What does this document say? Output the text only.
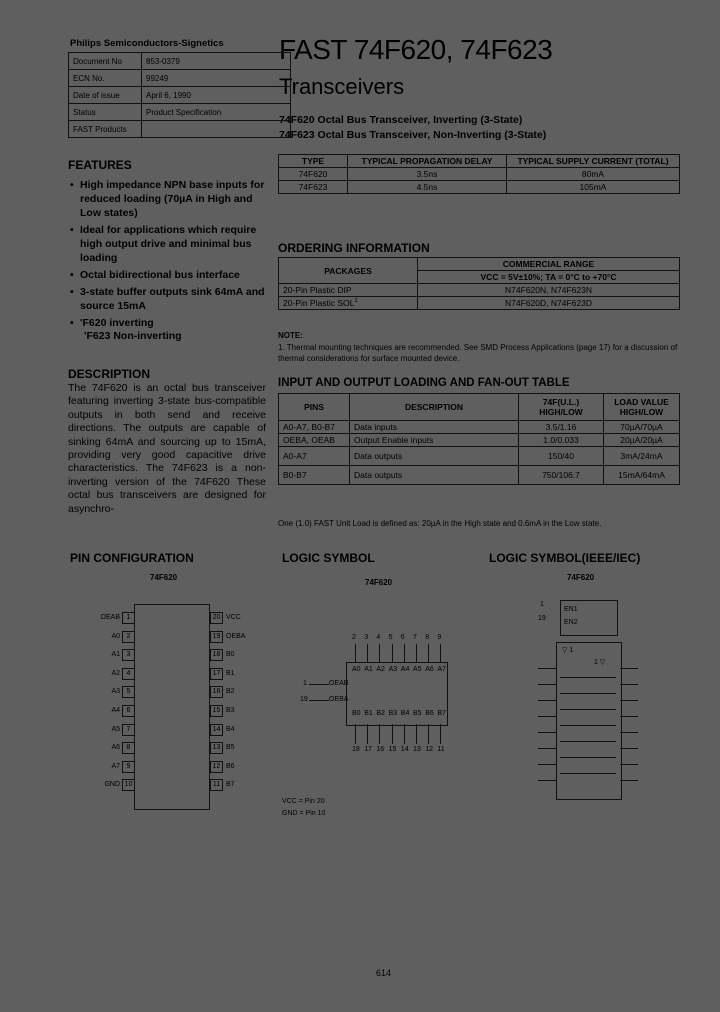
Philips Semiconductors-Signetics FAST 74F620, 74F623
Transceivers
74F620 Octal Bus Transceiver, Inverting (3-State)
74F623 Octal Bus Transceiver, Non-Inverting (3-State)
Document No	853-0379
ECN No.	99249
Date of issue	April 6, 1990
Status	Product Specification
FAST Products	
FEATURES
• High impedance NPN base inputs for reduced loading (70µA in High and Low states)
• Ideal for applications which require high output drive and minimal bus loading
• Octal bidirectional bus interface
• 3-state buffer outputs sink 64mA and source 15mA
• 'F620 inverting
'F623 Non-inverting
DESCRIPTION
The 74F620 is an octal bus transceiver featuring inverting 3-state bus-compatible outputs in both send and receive directions. The outputs are capable of sinking 64mA and sourcing up to 15mA, providing very good capacitive drive characteristics. The 74F623 is a non-inverting version of the 74F620 These octal bus transceivers are designed for asynchro-
TYPE	TYPICAL PROPAGATION DELAY	TYPICAL SUPPLY CURRENT (TOTAL)
74F620	3.5ns	80mA
74F623	4.5ns	105mA
ORDERING INFORMATION
PACKAGES	COMMERCIAL RANGE
	VCC = 5V±10%; TA = 0°C to +70°C
20-Pin Plastic DIP	N74F620N, N74F623N
20-Pin Plastic SOL$^1$	N74F620D, N74F623D
NOTE:
1. Thermal mounting techniques are recommended. See SMD Process Applications (page 17) for a discussion of thermal considerations for surface mounted device.
INPUT AND OUTPUT LOADING AND FAN-OUT TABLE
PINS	DESCRIPTION	74F(U.L.) HIGH/LOW	LOAD VALUE HIGH/LOW
A0-A7, B0-B7	Data inputs	3.5/1.16	70µA/70µA
OEBA, OEAB	Output Enable inputs	1.0/0.033	20µA/20µA
A0-A7	Data outputs	150/40	3mA/24mA
B0-B7	Data outputs	750/106.7	15mA/64mA
One (1.0) FAST Unit Load is defined as: 20µA in the High state and 0.6mA in the Low state.
PIN CONFIGURATION
74F620
OEAB 1
A0 2
A1 3
A2 4
A3 5
A4 6
A5 7
A6 8
A7 9
GND 10
20 VCC
19 OEBA
18 B0
17 B1
16 B2
15 B3
14 B4
13 B5
12 B6
11 B7
LOGIC SYMBOL
74F620
2
A0
B0
18
3
A1
B1
17
4
A2
B2
16
5
A3
B3
15
6
A4
B4
14
7
A5
B5
13
8
A6
B6
12
9
A7
B7
11
OEAB
OEBA
1
19
VCC = Pin 20
GND = Pin 10
LOGIC SYMBOL(IEEE/IEC)
74F620
EN1
EN2
1
19
▽ 1
1 ▽
614
